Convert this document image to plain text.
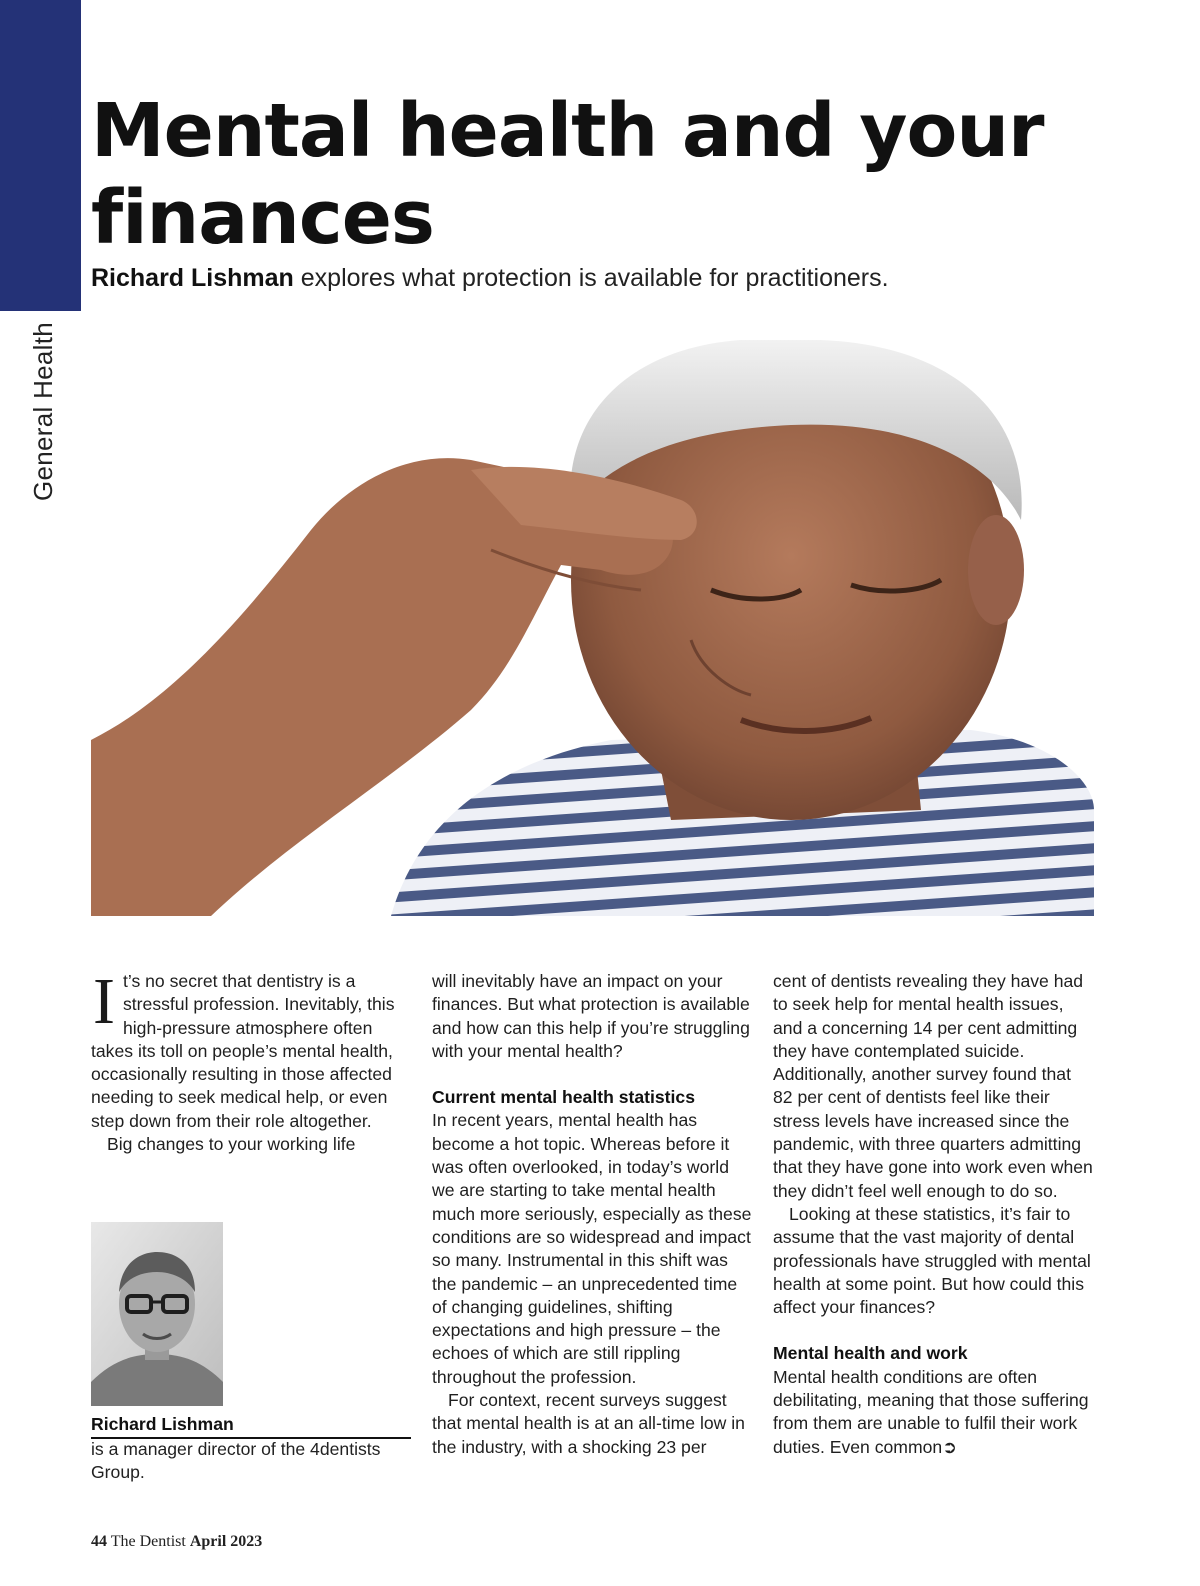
General Health
Mental health and your finances

Richard Lishman explores what protection is available for practitioners.

It’s no secret that dentistry is a stressful profession. Inevitably, this high-pressure atmosphere often takes its toll on people’s mental health, occasionally resulting in those affected needing to seek medical help, or even step down from their role altogether.

Big changes to your working life

Richard Lishman

is a manager director of the 4dentists Group.

will inevitably have an impact on your finances. But what protection is available and how can this help if you’re struggling with your mental health?

Current mental health statistics

In recent years, mental health has become a hot topic. Whereas before it was often overlooked, in today’s world we are starting to take mental health much more seriously, especially as these conditions are so widespread and impact so many. Instrumental in this shift was the pandemic – an unprecedented time of changing guidelines, shifting expectations and high pressure – the echoes of which are still rippling throughout the profession.

For context, recent surveys suggest that mental health is at an all-time low in the industry, with a shocking 23 per

cent of dentists revealing they have had to seek help for mental health issues, and a concerning 14 per cent admitting they have contemplated suicide. Additionally, another survey found that 82 per cent of dentists feel like their stress levels have increased since the pandemic, with three quarters admitting that they have gone into work even when they didn’t feel well enough to do so.

Looking at these statistics, it’s fair to assume that the vast majority of dental professionals have struggled with mental health at some point. But how could this affect your finances?

Mental health and work

Mental health conditions are often debilitating, meaning that those suffering from them are unable to fulfil their work duties. Even common➲

44 The Dentist April 2023
